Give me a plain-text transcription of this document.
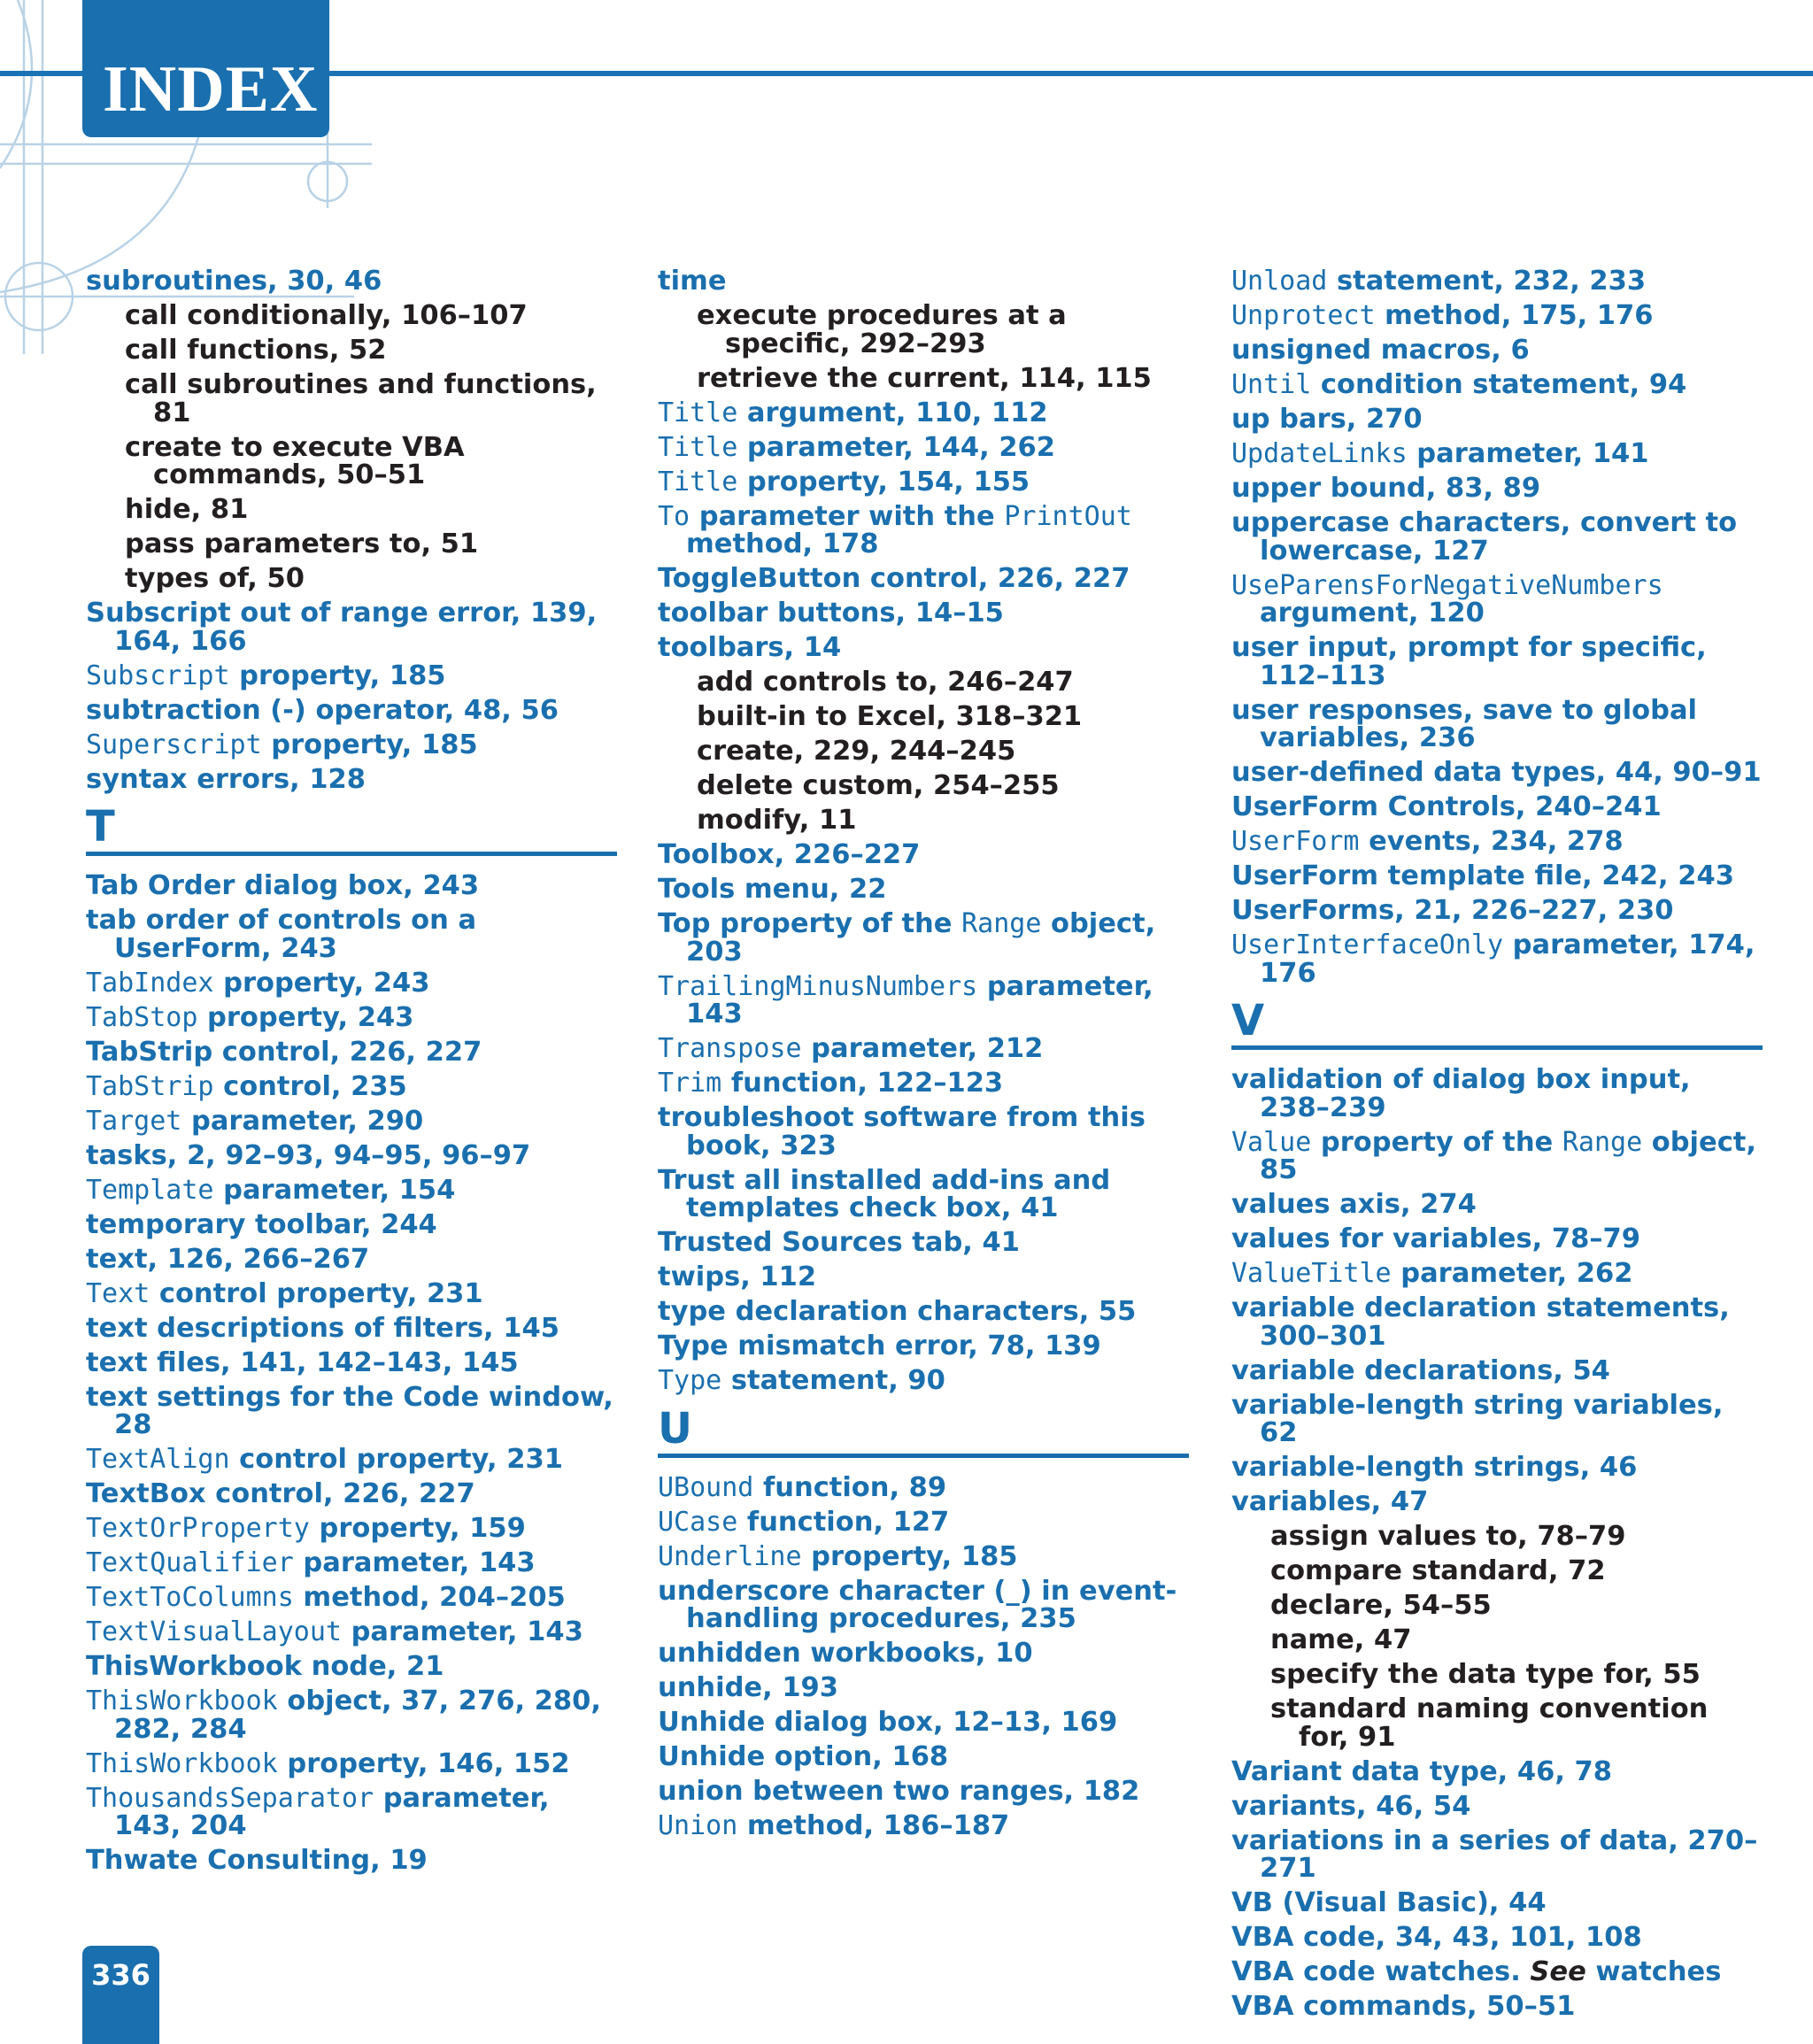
INDEX
subroutines, 30, 46
call conditionally, 106–107
call functions, 52
call subroutines and functions, 81
create to execute VBA commands, 50–51
hide, 81
pass parameters to, 51
types of, 50
Subscript out of range error, 139, 164, 166
Subscript property, 185
subtraction (-) operator, 48, 56
Superscript property, 185
syntax errors, 128
T
Tab Order dialog box, 243
tab order of controls on a UserForm, 243
TabIndex property, 243
TabStop property, 243
TabStrip control, 226, 227
TabStrip control, 235
Target parameter, 290
tasks, 2, 92–93, 94–95, 96–97
Template parameter, 154
temporary toolbar, 244
text, 126, 266–267
Text control property, 231
text descriptions of filters, 145
text files, 141, 142–143, 145
text settings for the Code window, 28
TextAlign control property, 231
TextBox control, 226, 227
TextOrProperty property, 159
TextQualifier parameter, 143
TextToColumns method, 204–205
TextVisualLayout parameter, 143
ThisWorkbook node, 21
ThisWorkbook object, 37, 276, 280, 282, 284
ThisWorkbook property, 146, 152
ThousandsSeparator parameter, 143, 204
Thwate Consulting, 19
time
execute procedures at a specific, 292–293
retrieve the current, 114, 115
Title argument, 110, 112
Title parameter, 144, 262
Title property, 154, 155
To parameter with the PrintOut method, 178
ToggleButton control, 226, 227
toolbar buttons, 14–15
toolbars, 14
add controls to, 246–247
built-in to Excel, 318–321
create, 229, 244–245
delete custom, 254–255
modify, 11
Toolbox, 226–227
Tools menu, 22
Top property of the Range object, 203
TrailingMinusNumbers parameter, 143
Transpose parameter, 212
Trim function, 122–123
troubleshoot software from this book, 323
Trust all installed add-ins and templates check box, 41
Trusted Sources tab, 41
twips, 112
type declaration characters, 55
Type mismatch error, 78, 139
Type statement, 90
U
UBound function, 89
UCase function, 127
Underline property, 185
underscore character (_) in event-handling procedures, 235
unhidden workbooks, 10
unhide, 193
Unhide dialog box, 12–13, 169
Unhide option, 168
union between two ranges, 182
Union method, 186–187
Unload statement, 232, 233
Unprotect method, 175, 176
unsigned macros, 6
Until condition statement, 94
up bars, 270
UpdateLinks parameter, 141
upper bound, 83, 89
uppercase characters, convert to lowercase, 127
UseParensForNegativeNumbers argument, 120
user input, prompt for specific, 112–113
user responses, save to global variables, 236
user-defined data types, 44, 90–91
UserForm Controls, 240–241
UserForm events, 234, 278
UserForm template file, 242, 243
UserForms, 21, 226–227, 230
UserInterfaceOnly parameter, 174, 176
V
validation of dialog box input, 238–239
Value property of the Range object, 85
values axis, 274
values for variables, 78–79
ValueTitle parameter, 262
variable declaration statements, 300–301
variable declarations, 54
variable-length string variables, 62
variable-length strings, 46
variables, 47
assign values to, 78–79
compare standard, 72
declare, 54–55
name, 47
specify the data type for, 55
standard naming convention for, 91
Variant data type, 46, 78
variants, 46, 54
variations in a series of data, 270–271
VB (Visual Basic), 44
VBA code, 34, 43, 101, 108
VBA code watches. See watches
VBA commands, 50–51
336
